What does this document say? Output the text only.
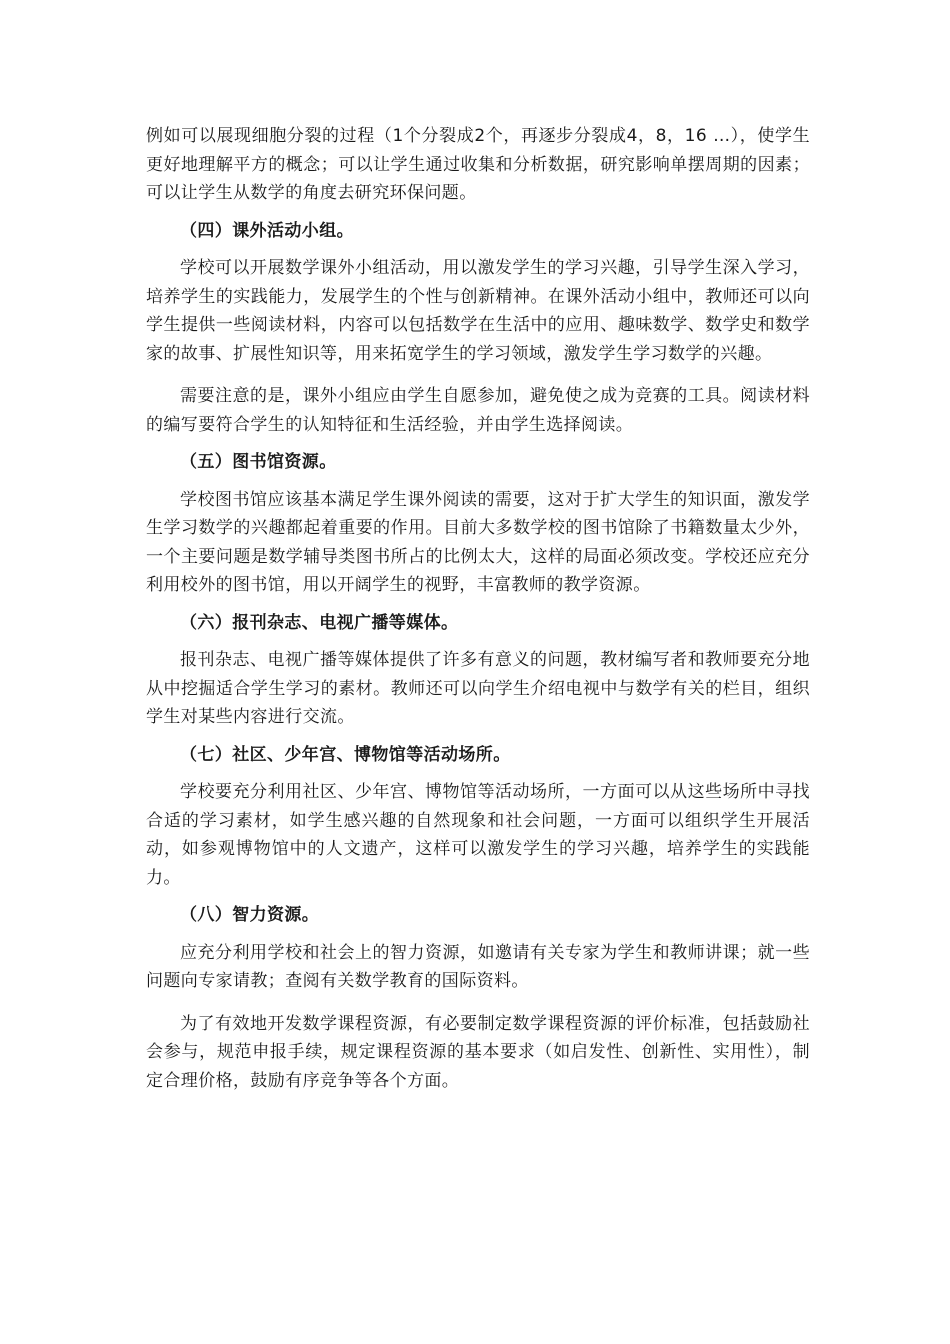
例如可以展现细胞分裂的过程（1个分裂成2个，再逐步分裂成4，8，16 …），使学生更好地理解平方的概念；可以让学生通过收集和分析数据，研究影响单摆周期的因素；可以让学生从数学的角度去研究环保问题。

（四）课外活动小组。

学校可以开展数学课外小组活动，用以激发学生的学习兴趣，引导学生深入学习，培养学生的实践能力，发展学生的个性与创新精神。在课外活动小组中，教师还可以向学生提供一些阅读材料，内容可以包括数学在生活中的应用、趣味数学、数学史和数学家的故事、扩展性知识等，用来拓宽学生的学习领域，激发学生学习数学的兴趣。

需要注意的是，课外小组应由学生自愿参加，避免使之成为竞赛的工具。阅读材料的编写要符合学生的认知特征和生活经验，并由学生选择阅读。

（五）图书馆资源。

学校图书馆应该基本满足学生课外阅读的需要，这对于扩大学生的知识面，激发学生学习数学的兴趣都起着重要的作用。目前大多数学校的图书馆除了书籍数量太少外，一个主要问题是数学辅导类图书所占的比例太大，这样的局面必须改变。学校还应充分利用校外的图书馆，用以开阔学生的视野，丰富教师的教学资源。

（六）报刊杂志、电视广播等媒体。

报刊杂志、电视广播等媒体提供了许多有意义的问题，教材编写者和教师要充分地从中挖掘适合学生学习的素材。教师还可以向学生介绍电视中与数学有关的栏目，组织学生对某些内容进行交流。

（七）社区、少年宫、博物馆等活动场所。

学校要充分利用社区、少年宫、博物馆等活动场所，一方面可以从这些场所中寻找合适的学习素材，如学生感兴趣的自然现象和社会问题，一方面可以组织学生开展活动，如参观博物馆中的人文遗产，这样可以激发学生的学习兴趣，培养学生的实践能力。

（八）智力资源。

应充分利用学校和社会上的智力资源，如邀请有关专家为学生和教师讲课；就一些问题向专家请教；查阅有关数学教育的国际资料。

为了有效地开发数学课程资源，有必要制定数学课程资源的评价标准，包括鼓励社会参与，规范申报手续，规定课程资源的基本要求（如启发性、创新性、实用性），制定合理价格，鼓励有序竞争等各个方面。
